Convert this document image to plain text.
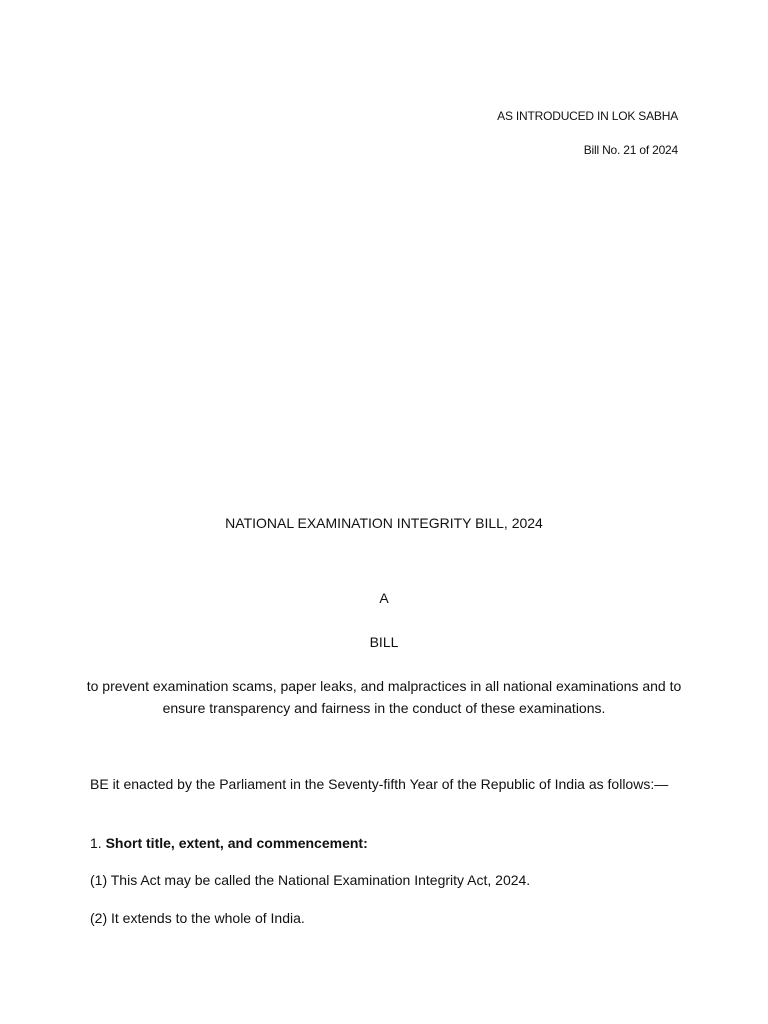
AS INTRODUCED IN LOK SABHA
Bill No. 21 of 2024
NATIONAL EXAMINATION INTEGRITY BILL, 2024
A
BILL
to prevent examination scams, paper leaks, and malpractices in all national examinations and to ensure transparency and fairness in the conduct of these examinations.
BE it enacted by the Parliament in the Seventy-fifth Year of the Republic of India as follows:—
1. Short title, extent, and commencement:
(1) This Act may be called the National Examination Integrity Act, 2024.
(2) It extends to the whole of India.
